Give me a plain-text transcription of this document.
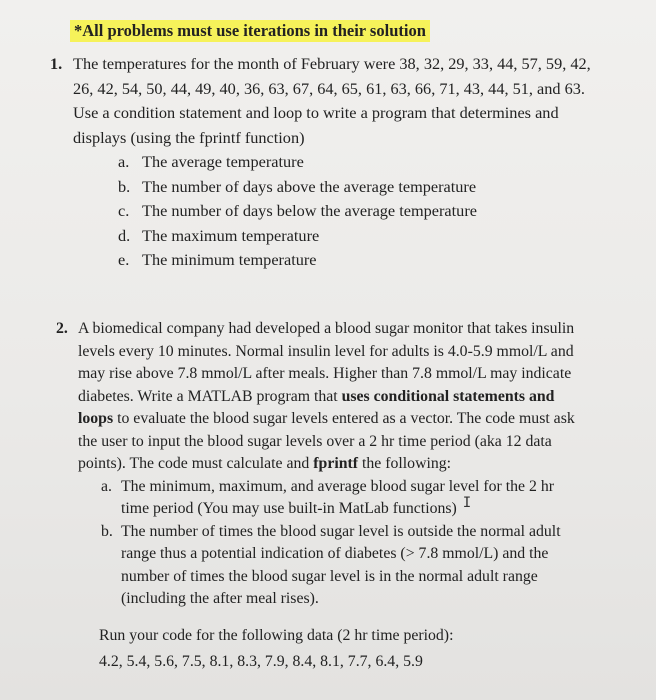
*All problems must use iterations in their solution
1. The temperatures for the month of February were 38, 32, 29, 33, 44, 57, 59, 42,
26, 42, 54, 50, 44, 49, 40, 36, 63, 67, 64, 65, 61, 63, 66, 71, 43, 44, 51, and 63.
Use a condition statement and loop to write a program that determines and
displays (using the fprintf function)
a. The average temperature
b. The number of days above the average temperature
c. The number of days below the average temperature
d. The maximum temperature
e. The minimum temperature
2. A biomedical company had developed a blood sugar monitor that takes insulin
levels every 10 minutes. Normal insulin level for adults is 4.0-5.9 mmol/L and
may rise above 7.8 mmol/L after meals. Higher than 7.8 mmol/L may indicate
diabetes. Write a MATLAB program that uses conditional statements and
loops to evaluate the blood sugar levels entered as a vector. The code must ask
the user to input the blood sugar levels over a 2 hr time period (aka 12 data
points). The code must calculate and fprintf the following:
a. The minimum, maximum, and average blood sugar level for the 2 hr
time period (You may use built-in MatLab functions) I
b. The number of times the blood sugar level is outside the normal adult
range thus a potential indication of diabetes (> 7.8 mmol/L) and the
number of times the blood sugar level is in the normal adult range
(including the after meal rises).
Run your code for the following data (2 hr time period):
4.2, 5.4, 5.6, 7.5, 8.1, 8.3, 7.9, 8.4, 8.1, 7.7, 6.4, 5.9
